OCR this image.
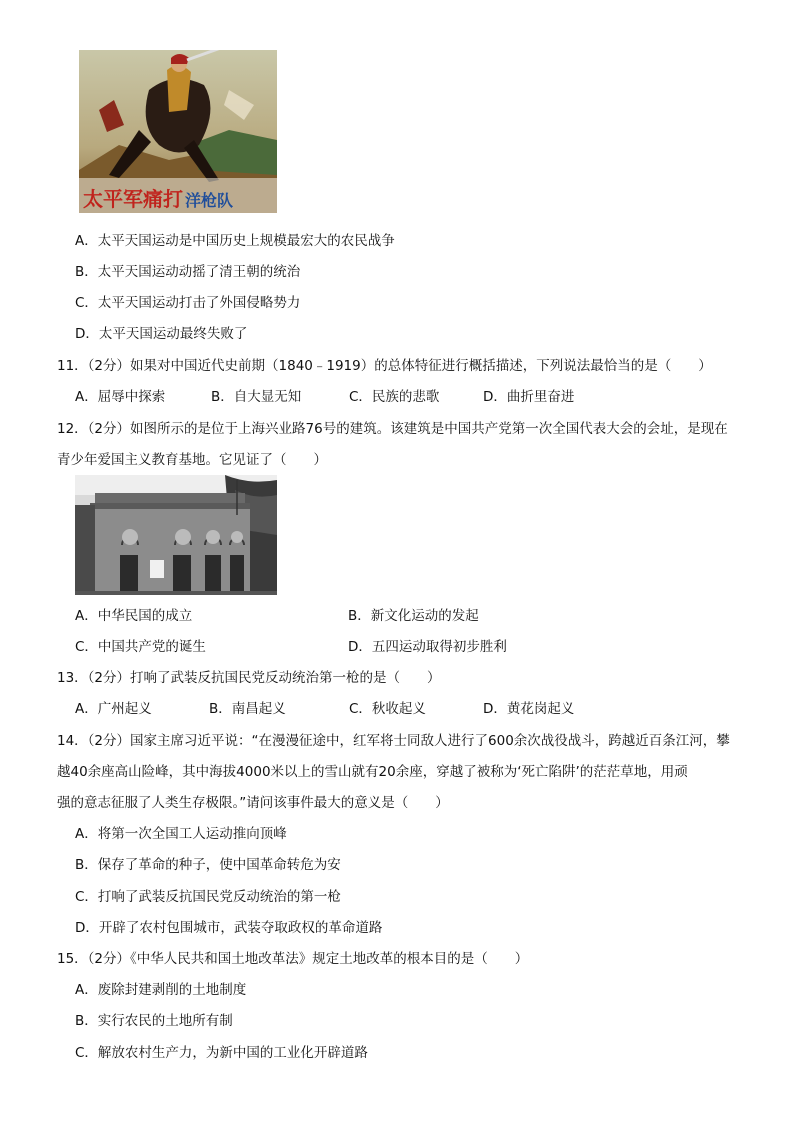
太平军痛打 洋枪队
A．太平天国运动是中国历史上规模最宏大的农民战争
B．太平天国运动动摇了清王朝的统治
C．太平天国运动打击了外国侵略势力
D．太平天国运动最终失败了
11．（2分）如果对中国近代史前期（1840﹣1919）的总体特征进行概括描述，下列说法最恰当的是（　　）
A．屈辱中探索	B．自大显无知	C．民族的悲歌	D．曲折里奋进
12．（2分）如图所示的是位于上海兴业路76号的建筑。该建筑是中国共产党第一次全国代表大会的会址，是现在
青少年爱国主义教育基地。它见证了（　　）
A．中华民国的成立	B．新文化运动的发起
C．中国共产党的诞生	D．五四运动取得初步胜利
13．（2分）打响了武装反抗国民党反动统治第一枪的是（　　）
A．广州起义	B．南昌起义	C．秋收起义	D．黄花岗起义
14．（2分）国家主席习近平说：“在漫漫征途中，红军将士同敌人进行了600余次战役战斗，跨越近百条江河，攀
越40余座高山险峰，其中海拔4000米以上的雪山就有20余座，穿越了被称为‘死亡陷阱’的茫茫草地，用顽
强的意志征服了人类生存极限。”请问该事件最大的意义是（　　）
A．将第一次全国工人运动推向顶峰
B．保存了革命的种子，使中国革命转危为安
C．打响了武装反抗国民党反动统治的第一枪
D．开辟了农村包围城市，武装夺取政权的革命道路
15．（2分）《中华人民共和国土地改革法》规定土地改革的根本目的是（　　）
A．废除封建剥削的土地制度
B．实行农民的土地所有制
C．解放农村生产力，为新中国的工业化开辟道路
